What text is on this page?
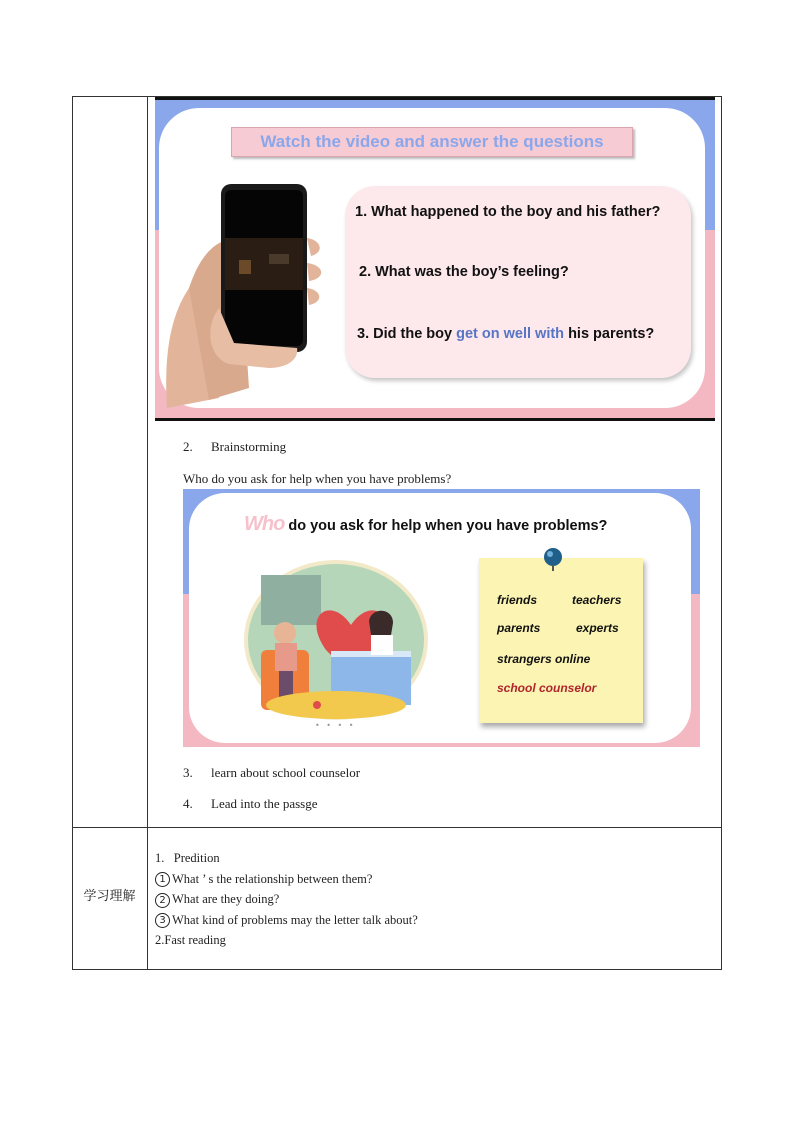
Watch the video and answer the questions
1. What happened to the boy and his father?
2. What was the boy’s feeling?
3. Did the boy get on well with his parents?
2. Brainstorming
Who do you ask for help when you have problems?
Who do you ask for help when you have problems?
• • • •
friends	teachers
parents	experts
strangers online
school counselor
3. learn about school counselor
4. Lead into the passge
学习理解
1. Predition
1 What ’ s the relationship between them?
2 What are they doing?
3 What kind of problems may the letter talk about?
2.Fast reading
